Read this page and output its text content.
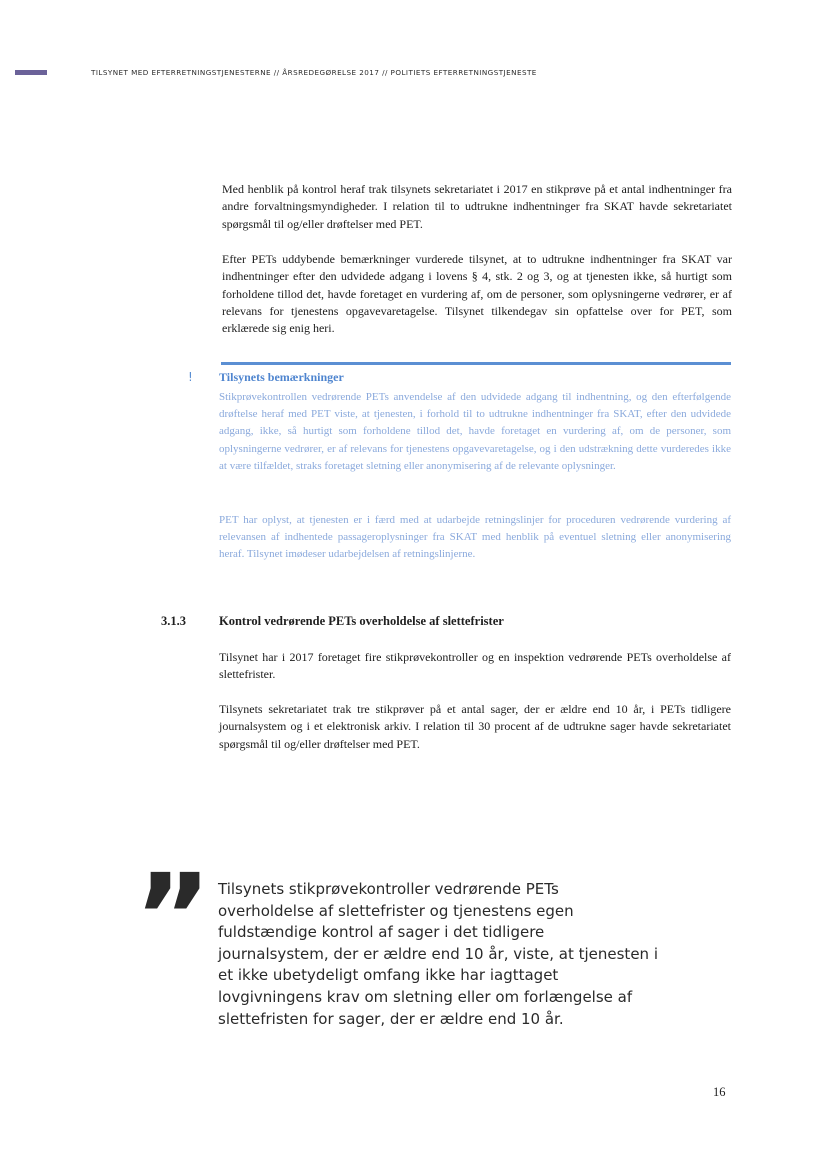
TILSYNET MED EFTERRETNINGSTJENESTERNE // ÅRSREDEGØRELSE 2017 // POLITIETS EFTERRETNINGSTJENESTE

Med henblik på kontrol heraf trak tilsynets sekretariatet i 2017 en stikprøve på et antal indhentninger fra andre forvaltningsmyndigheder. I relation til to udtrukne indhentninger fra SKAT havde sekretariatet spørgsmål til og/eller drøftelser med PET.

Efter PETs uddybende bemærkninger vurderede tilsynet, at to udtrukne indhentninger fra SKAT var indhentninger efter den udvidede adgang i lovens § 4, stk. 2 og 3, og at tjenesten ikke, så hurtigt som forholdene tillod det, havde foretaget en vurdering af, om de personer, som oplysningerne vedrører, er af relevans for tjenestens opgavevaretagelse. Tilsynet tilkendegav sin opfattelse over for PET, som erklærede sig enig heri.

! Tilsynets bemærkninger

Stikprøvekontrollen vedrørende PETs anvendelse af den udvidede adgang til indhentning, og den efterfølgende drøftelse heraf med PET viste, at tjenesten, i forhold til to udtrukne indhentninger fra SKAT, efter den udvidede adgang, ikke, så hurtigt som forholdene tillod det, havde foretaget en vurdering af, om de personer, som oplysningerne vedrører, er af relevans for tjenestens opgavevaretagelse, og i den udstrækning dette vurderedes ikke at være tilfældet, straks foretaget sletning eller anonymisering af de relevante oplysninger.

PET har oplyst, at tjenesten er i færd med at udarbejde retningslinjer for proceduren vedrørende vurdering af relevansen af indhentede passageroplysninger fra SKAT med henblik på eventuel sletning eller anonymisering heraf. Tilsynet imødeser udarbejdelsen af retningslinjerne.

3.1.3	Kontrol vedrørende PETs overholdelse af slettefrister

Tilsynet har i 2017 foretaget fire stikprøvekontroller og en inspektion vedrørende PETs overholdelse af slettefrister.

Tilsynets sekretariatet trak tre stikprøver på et antal sager, der er ældre end 10 år, i PETs tidligere journalsystem og i et elektronisk arkiv. I relation til 30 procent af de udtrukne sager havde sekretariatet spørgsmål til og/eller drøftelser med PET.

” Tilsynets stikprøvekontroller vedrørende PETs overholdelse af slettefrister og tjenestens egen fuldstændige kontrol af sager i det tidligere journalsystem, der er ældre end 10 år, viste, at tjenesten i et ikke ubetydeligt omfang ikke har iagttaget lovgivningens krav om sletning eller om forlængelse af slettefristen for sager, der er ældre end 10 år.

16
